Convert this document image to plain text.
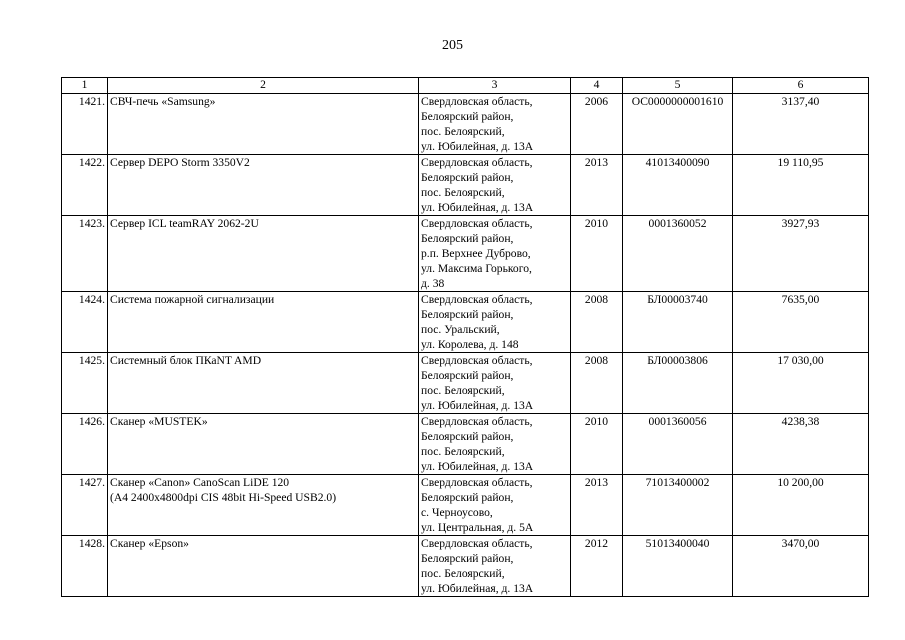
205
1	2	3	4	5	6
1421.	СВЧ-печь «Samsung»	Свердловская область,
Белоярский район,
пос. Белоярский,
ул. Юбилейная, д. 13А	2006	ОС0000000001610	3137,40
1422.	Сервер DEPO Storm 3350V2	Свердловская область,
Белоярский район,
пос. Белоярский,
ул. Юбилейная, д. 13А	2013	41013400090	19 110,95
1423.	Сервер ICL teamRAY 2062-2U	Свердловская область,
Белоярский район,
р.п. Верхнее Дуброво,
ул. Максима Горького,
д. 38	2010	0001360052	3927,93
1424.	Система пожарной сигнализации	Свердловская область,
Белоярский район,
пос. Уральский,
ул. Королева, д. 148	2008	БЛ00003740	7635,00
1425.	Системный блок ПКаNT AMD	Свердловская область,
Белоярский район,
пос. Белоярский,
ул. Юбилейная, д. 13А	2008	БЛ00003806	17 030,00
1426.	Сканер «MUSTEK»	Свердловская область,
Белоярский район,
пос. Белоярский,
ул. Юбилейная, д. 13А	2010	0001360056	4238,38
1427.	Сканер «Canon» CanoScan LiDE 120
(A4 2400x4800dpi CIS 48bit Hi-Speed USB2.0)	Свердловская область,
Белоярский район,
с. Черноусово,
ул. Центральная, д. 5А	2013	71013400002	10 200,00
1428.	Сканер «Epson»	Свердловская область,
Белоярский район,
пос. Белоярский,
ул. Юбилейная, д. 13А	2012	51013400040	3470,00
